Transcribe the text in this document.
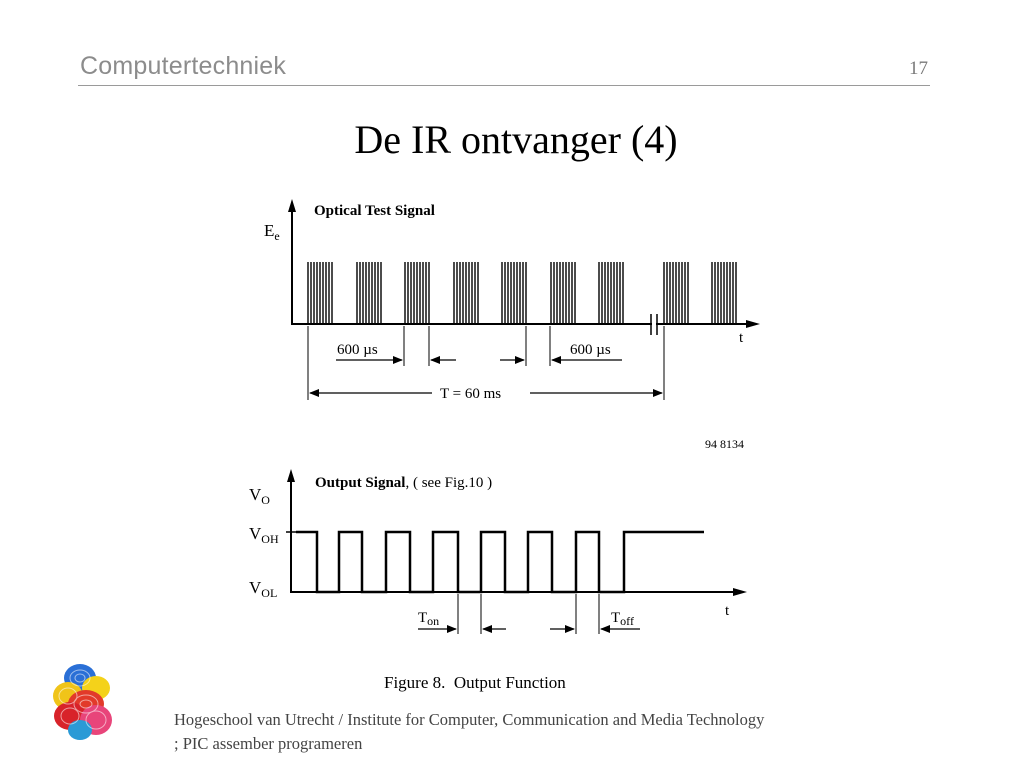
Computertechniek	17
De IR ontvanger (4)
$E_e$
Optical Test Signal
t
600 µs	600 µs
T = 60 ms
94 8134
Output Signal, ( see Fig.10 )
$V_O$
$V_{OH}$
$V_{OL}$
t
$T_{on}$	$T_{off}$
Figure 8.  Output Function
Hogeschool van Utrecht / Institute for Computer, Communication and Media Technology
; PIC assember programeren
